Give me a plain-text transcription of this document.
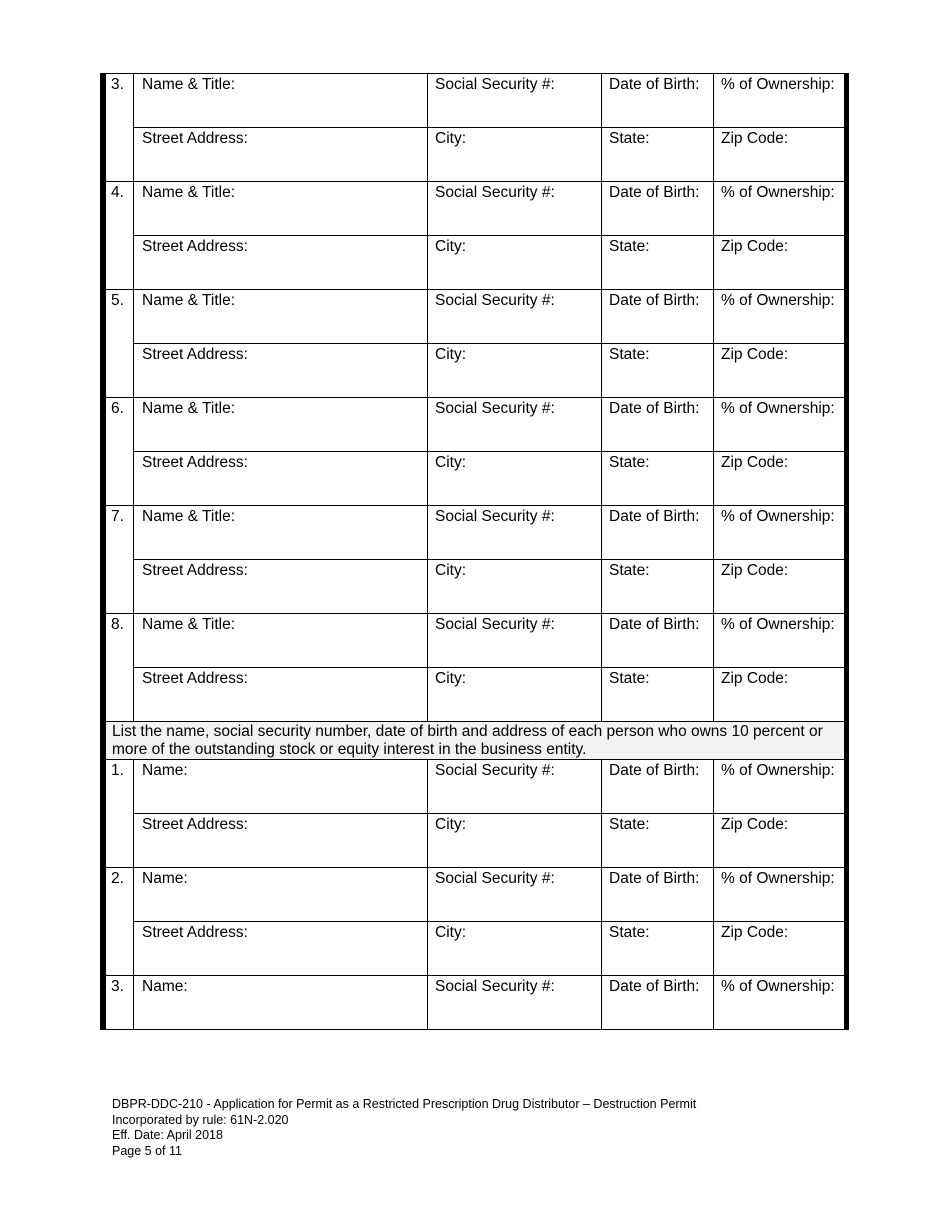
3.	Name & Title:	Social Security #:	Date of Birth:	% of Ownership:
	Street Address:	City:	State:	Zip Code:
4.	Name & Title:	Social Security #:	Date of Birth:	% of Ownership:
	Street Address:	City:	State:	Zip Code:
5.	Name & Title:	Social Security #:	Date of Birth:	% of Ownership:
	Street Address:	City:	State:	Zip Code:
6.	Name & Title:	Social Security #:	Date of Birth:	% of Ownership:
	Street Address:	City:	State:	Zip Code:
7.	Name & Title:	Social Security #:	Date of Birth:	% of Ownership:
	Street Address:	City:	State:	Zip Code:
8.	Name & Title:	Social Security #:	Date of Birth:	% of Ownership:
	Street Address:	City:	State:	Zip Code:
List the name, social security number, date of birth and address of each person who owns 10 percent or more of the outstanding stock or equity interest in the business entity.				
1.	Name:	Social Security #:	Date of Birth:	% of Ownership:
	Street Address:	City:	State:	Zip Code:
2.	Name:	Social Security #:	Date of Birth:	% of Ownership:
	Street Address:	City:	State:	Zip Code:
3.	Name:	Social Security #:	Date of Birth:	% of Ownership:
DBPR-DDC-210 - Application for Permit as a Restricted Prescription Drug Distributor – Destruction Permit
Incorporated by rule: 61N-2.020
Eff. Date: April 2018
Page 5 of 11
